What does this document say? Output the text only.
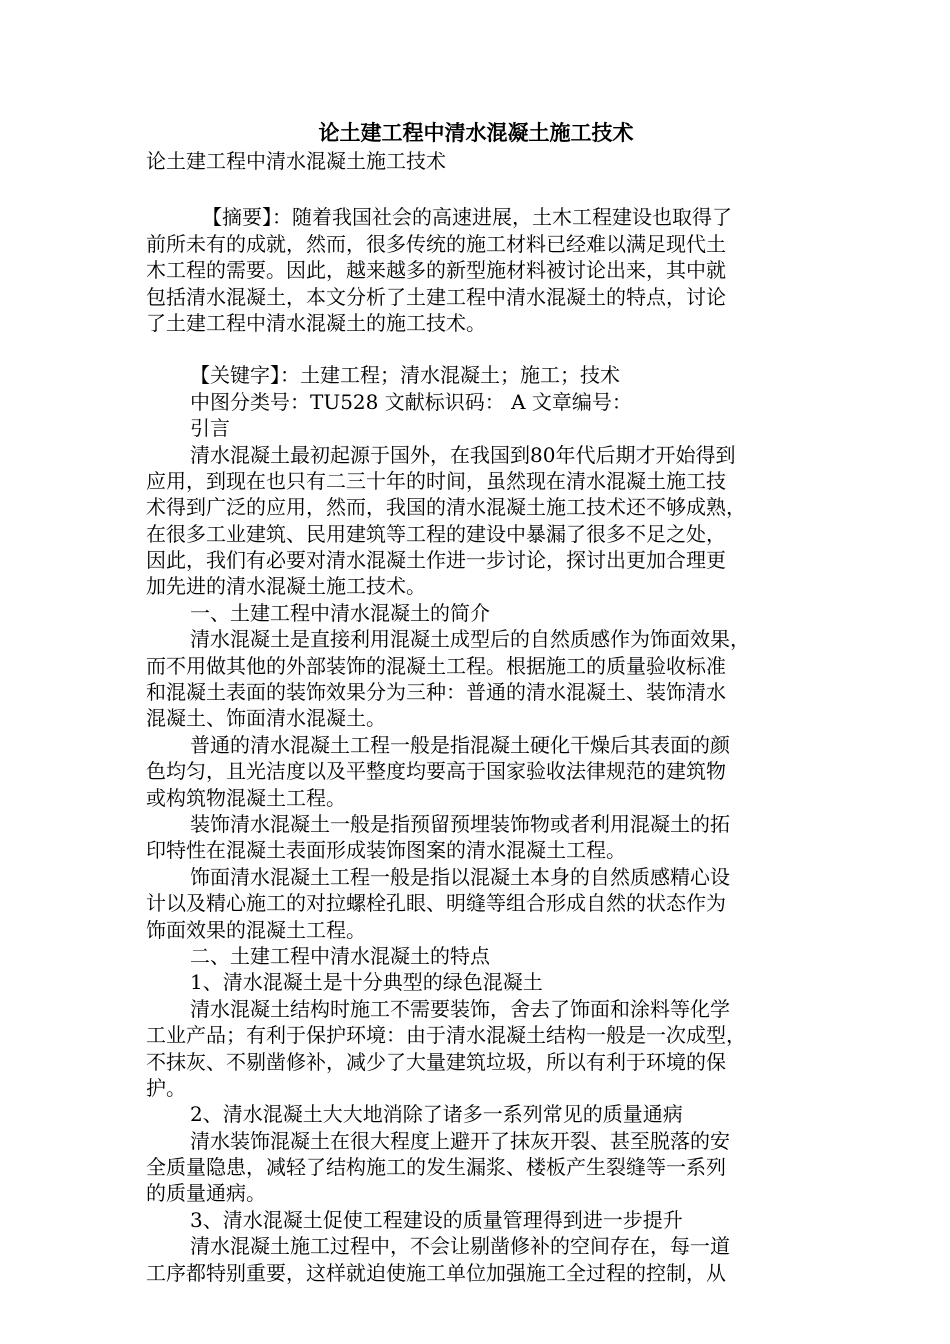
论土建工程中清水混凝土施工技术
论土建工程中清水混凝土施工技术
【摘要】：随着我国社会的高速进展，土木工程建设也取得了
前所未有的成就，然而，很多传统的施工材料已经难以满足现代土
木工程的需要。因此，越来越多的新型施材料被讨论出来，其中就
包括清水混凝土，本文分析了土建工程中清水混凝土的特点，讨论
了土建工程中清水混凝土的施工技术。
【关键字】：土建工程；清水混凝土；施工；技术
中图分类号：TU528 文献标识码： A 文章编号：
引言
清水混凝土最初起源于国外，在我国到80年代后期才开始得到
应用，到现在也只有二三十年的时间，虽然现在清水混凝土施工技
术得到广泛的应用，然而，我国的清水混凝土施工技术还不够成熟，
在很多工业建筑、民用建筑等工程的建设中暴漏了很多不足之处，
因此，我们有必要对清水混凝土作进一步讨论，探讨出更加合理更
加先进的清水混凝土施工技术。
一、土建工程中清水混凝土的简介
清水混凝土是直接利用混凝土成型后的自然质感作为饰面效果，
而不用做其他的外部装饰的混凝土工程。根据施工的质量验收标准
和混凝土表面的装饰效果分为三种：普通的清水混凝土、装饰清水
混凝土、饰面清水混凝土。
普通的清水混凝土工程一般是指混凝土硬化干燥后其表面的颜
色均匀，且光洁度以及平整度均要高于国家验收法律规范的建筑物
或构筑物混凝土工程。
装饰清水混凝土一般是指预留预埋装饰物或者利用混凝土的拓
印特性在混凝土表面形成装饰图案的清水混凝土工程。
饰面清水混凝土工程一般是指以混凝土本身的自然质感精心设
计以及精心施工的对拉螺栓孔眼、明缝等组合形成自然的状态作为
饰面效果的混凝土工程。
二、土建工程中清水混凝土的特点
1、清水混凝土是十分典型的绿色混凝土
清水混凝土结构时施工不需要装饰，舍去了饰面和涂料等化学
工业产品；有利于保护环境：由于清水混凝土结构一般是一次成型，
不抹灰、不剔凿修补，减少了大量建筑垃圾，所以有利于环境的保
护。
2、清水混凝土大大地消除了诸多一系列常见的质量通病
清水装饰混凝土在很大程度上避开了抹灰开裂、甚至脱落的安
全质量隐患，减轻了结构施工的发生漏浆、楼板产生裂缝等一系列
的质量通病。
3、清水混凝土促使工程建设的质量管理得到进一步提升
清水混凝土施工过程中，不会让剔凿修补的空间存在，每一道
工序都特别重要，这样就迫使施工单位加强施工全过程的控制，从
